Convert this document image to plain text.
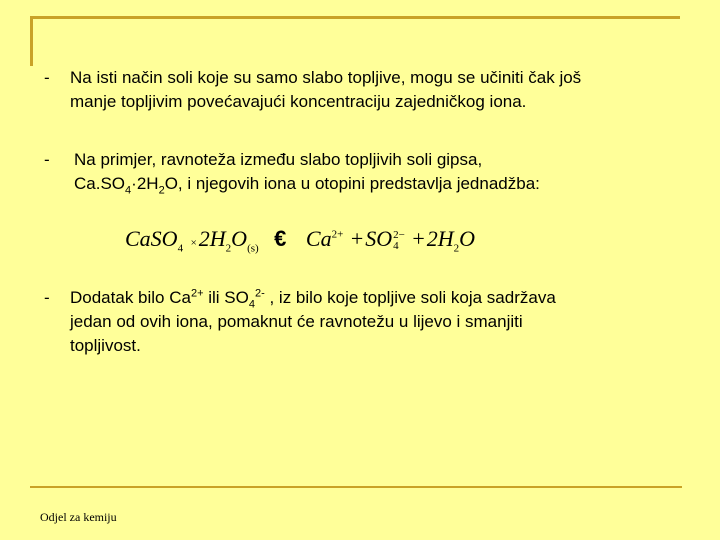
- Na isti način soli koje su samo slabo topljive, mogu se učiniti čak još
manje topljivim povećavajući koncentraciju zajedničkog iona.
- Na primjer, ravnoteža između slabo topljivih soli gipsa,
$Ca.SO_4\cdot 2H_2O$, i njegovih iona u otopini predstavlja jednadžba:
CaSO$_4$ $\times 2H_2O_{(s)}$ € $Ca^{2+} +SO$ 2−
$4 +2H_2O$
- Dodatak bilo $Ca^{2+}$ ili $SO_4^{2-}$ , iz bilo koje topljive soli koja sadržava
jedan od ovih iona, pomaknut će ravnotežu u lijevo i smanjiti
topljivost.
Odjel za kemiju
